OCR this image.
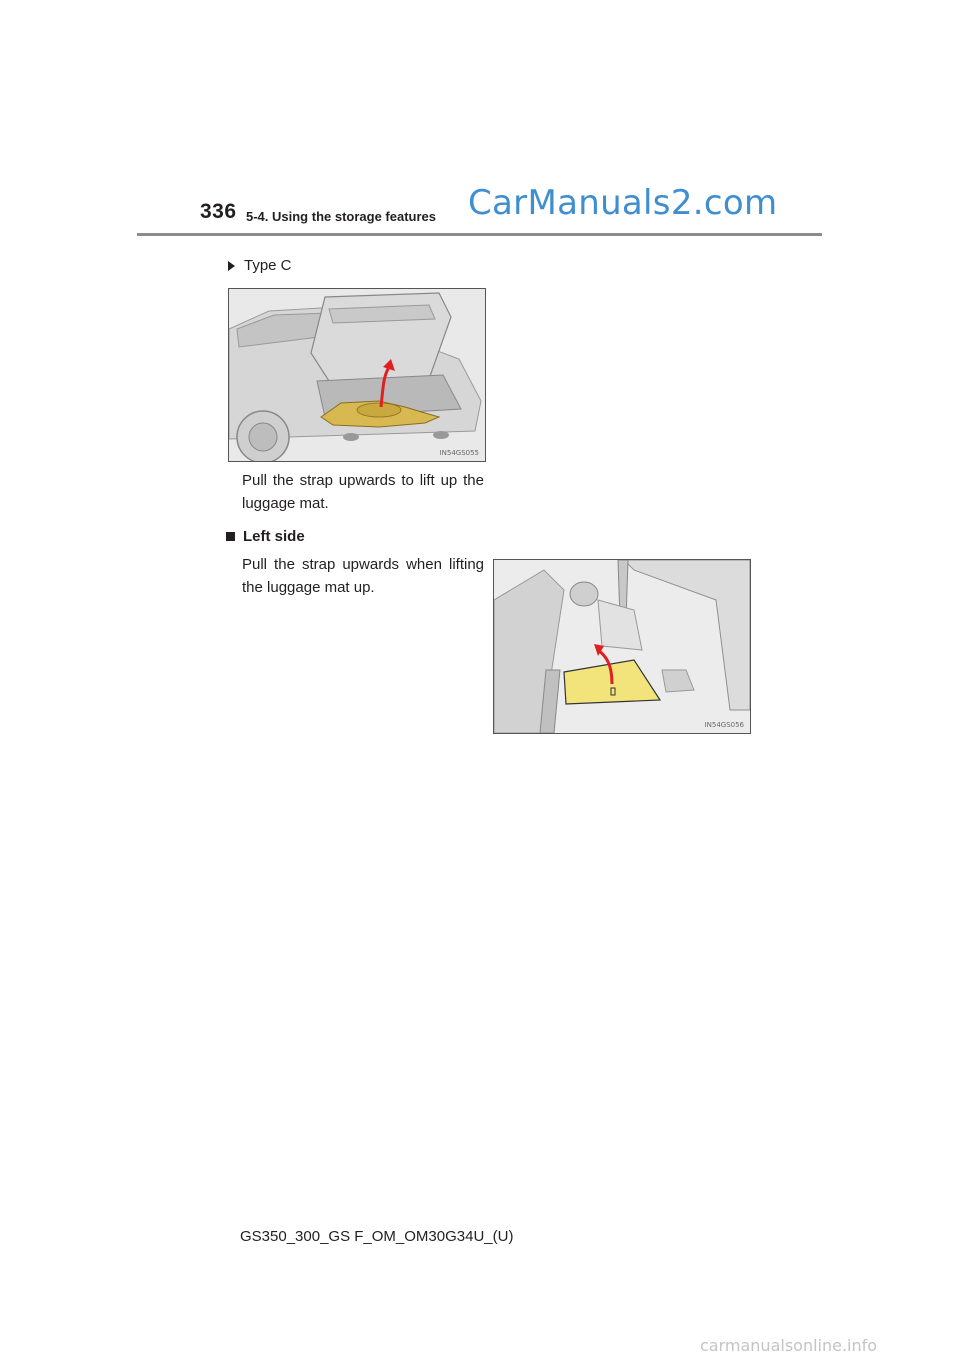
336 5-4. Using the storage features CarManuals2.com
Type C
IN54GS055
Pull the strap upwards to lift up the luggage mat.
Left side
Pull the strap upwards when lifting the luggage mat up.
IN54GS056
GS350_300_GS F_OM_OM30G34U_(U)
carmanualsonline.info
